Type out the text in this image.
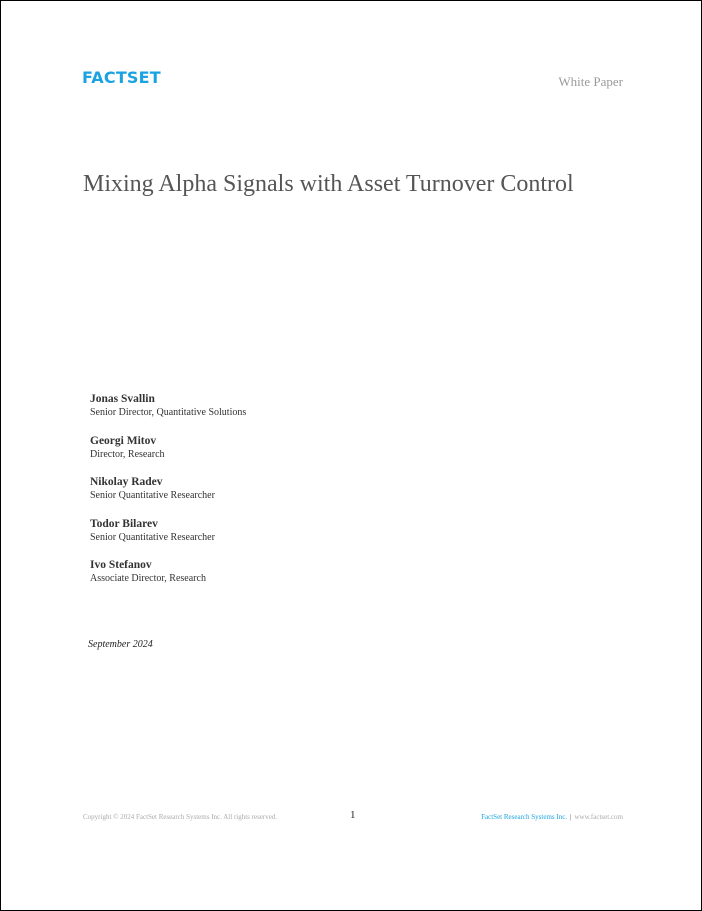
FACTSET	White Paper
Mixing Alpha Signals with Asset Turnover Control
Jonas Svallin
Senior Director, Quantitative Solutions
Georgi Mitov
Director, Research
Nikolay Radev
Senior Quantitative Researcher
Todor Bilarev
Senior Quantitative Researcher
Ivo Stefanov
Associate Director, Research
September 2024
Copyright © 2024 FactSet Research Systems Inc. All rights reserved.	1	FactSet Research Systems Inc. | www.factset.com
